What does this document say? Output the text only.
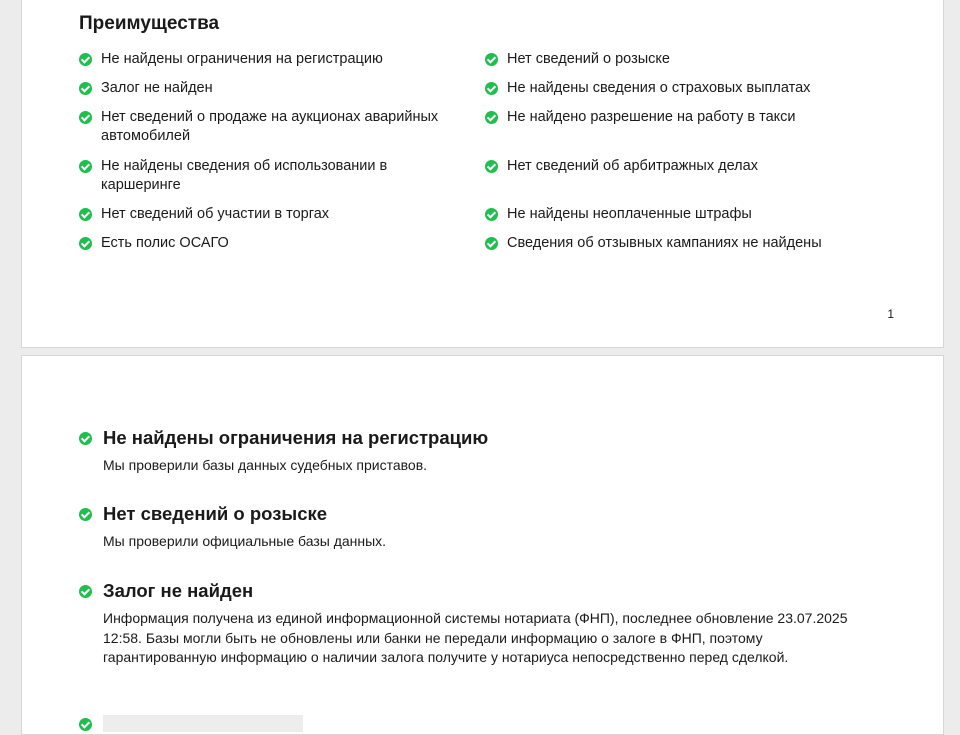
Преимущества
Не найдены ограничения на регистрацию
Залог не найден
Нет сведений о продаже на аукционах аварийных автомобилей
Не найдены сведения об использовании в каршеринге
Нет сведений об участии в торгах
Есть полис ОСАГО
Нет сведений о розыске
Не найдены сведения о страховых выплатах
Не найдено разрешение на работу в такси
Нет сведений об арбитражных делах
Не найдены неоплаченные штрафы
Сведения об отзывных кампаниях не найдены
1
Не найдены ограничения на регистрацию

Мы проверили базы данных судебных приставов.

Нет сведений о розыске

Мы проверили официальные базы данных.

Залог не найден

Информация получена из единой информационной системы нотариата (ФНП), последнее обновление 23.07.2025 12:58. Базы могли быть не обновлены или банки не передали информацию о залоге в ФНП, поэтому гарантированную информацию о наличии залога получите у нотариуса непосредственно перед сделкой.
